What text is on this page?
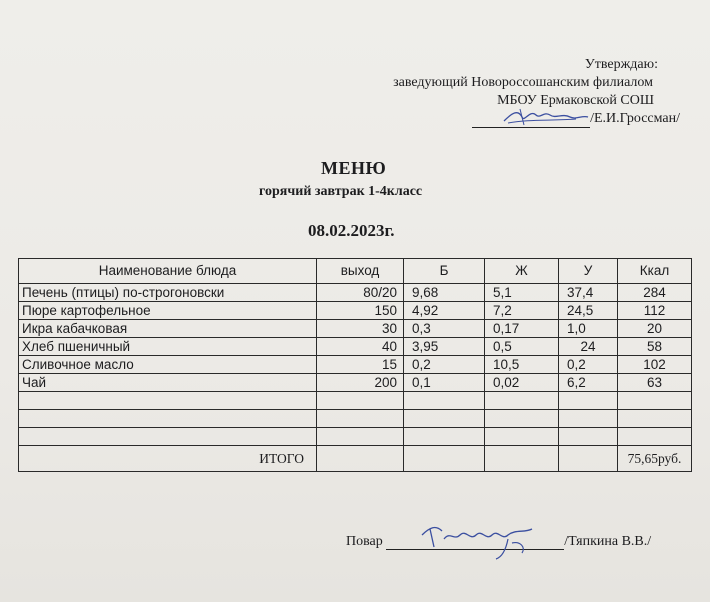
Утверждаю:
заведующий Новороссошанским филиалом
МБОУ Ермаковской СОШ
/Е.И.Гроссман/
МЕНЮ
горячий завтрак 1-4класс
08.02.2023г.
Наименование блюда	выход	Б	Ж	У	Ккал
Печень (птицы) по-строгоновски	80/20	9,68	5,1	37,4	284
Пюре картофельное	150	4,92	7,2	24,5	112
Икра кабачковая	30	0,3	0,17	1,0	20
Хлеб пшеничный	40	3,95	0,5	24	58
Сливочное масло	15	0,2	10,5	0,2	102
Чай	200	0,1	0,02	6,2	63

ИТОГО					75,65руб.
Повар	/Тяпкина В.В./
